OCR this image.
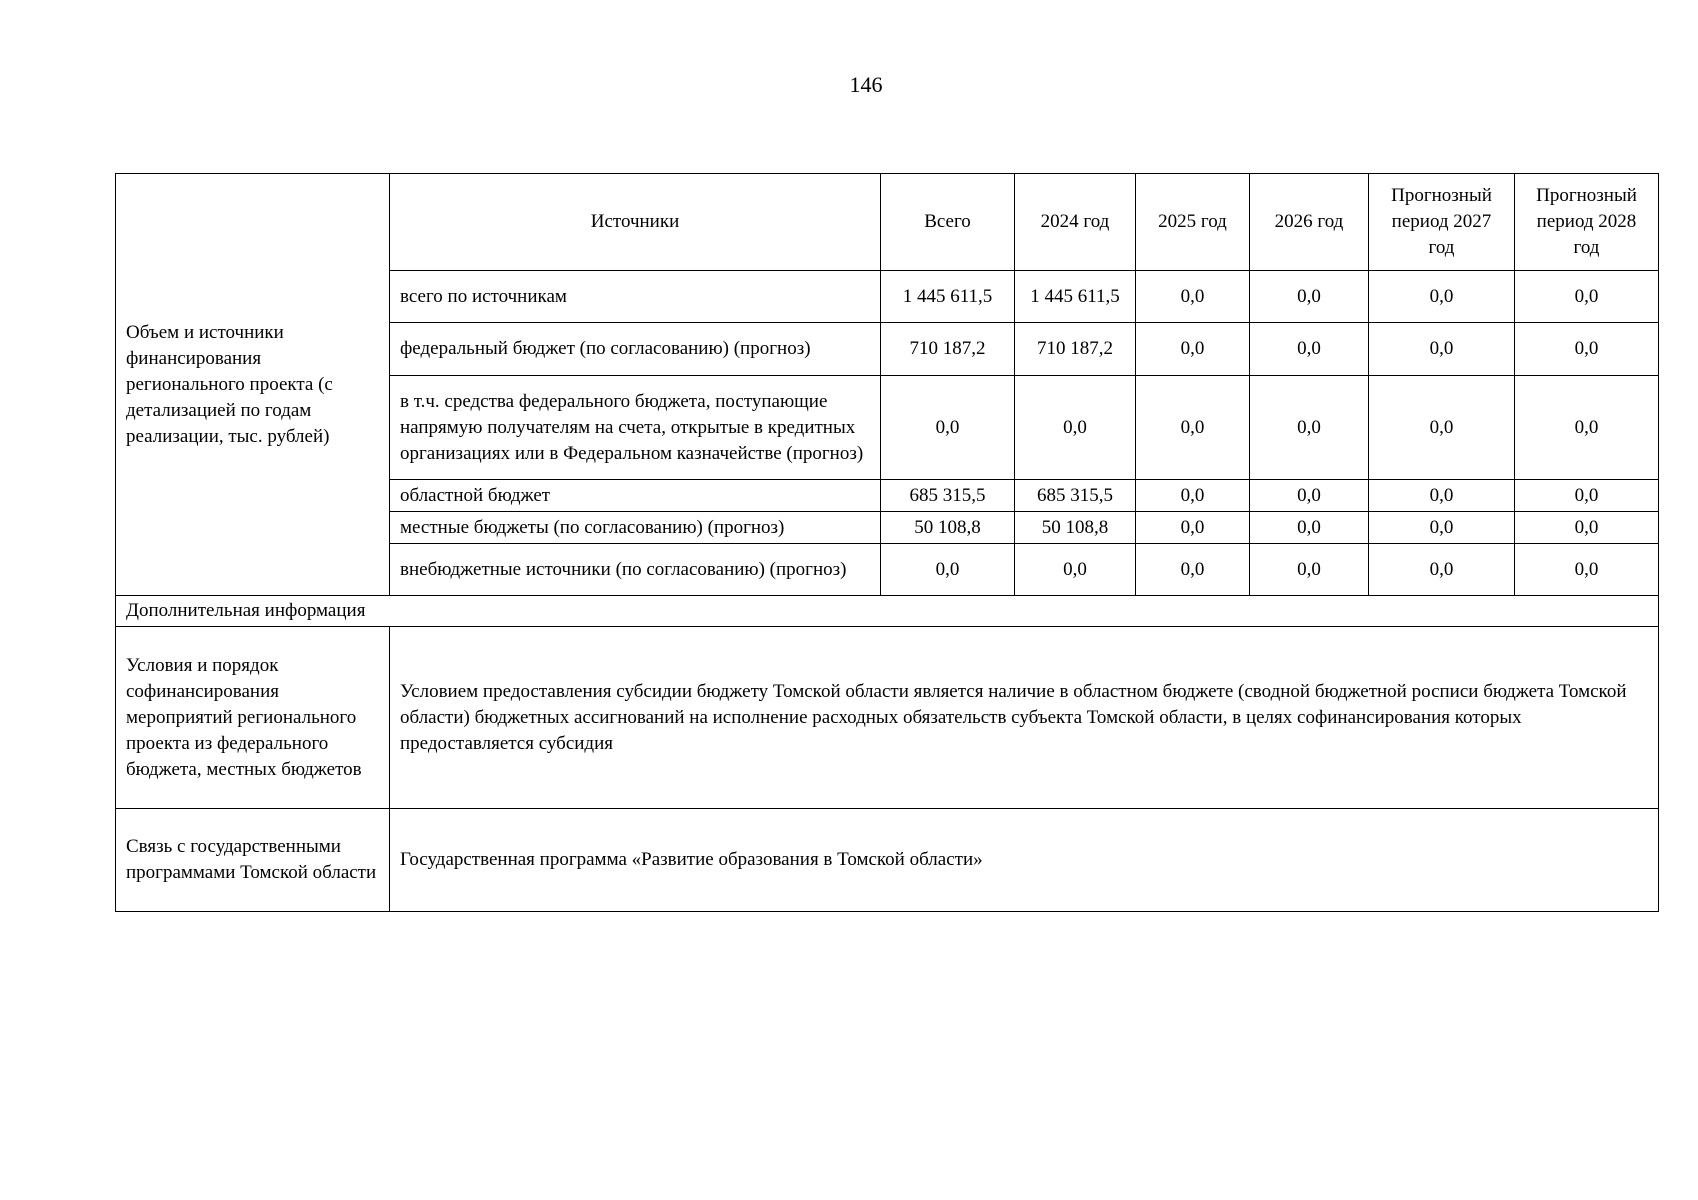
146
Объем и источники финансирования регионального проекта (с детализацией по годам реализации, тыс. рублей)	Источники	Всего	2024 год	2025 год	2026 год	Прогнозный период 2027 год	Прогнозный период 2028 год
	всего по источникам	1 445 611,5	1 445 611,5	0,0	0,0	0,0	0,0
	федеральный бюджет (по согласованию) (прогноз)	710 187,2	710 187,2	0,0	0,0	0,0	0,0
	в т.ч. средства федерального бюджета, поступающие напрямую получателям на счета, открытые в кредитных организациях или в Федеральном казначействе (прогноз)	0,0	0,0	0,0	0,0	0,0	0,0
	областной бюджет	685 315,5	685 315,5	0,0	0,0	0,0	0,0
	местные бюджеты (по согласованию) (прогноз)	50 108,8	50 108,8	0,0	0,0	0,0	0,0
	внебюджетные источники (по согласованию) (прогноз)	0,0	0,0	0,0	0,0	0,0	0,0
Дополнительная информация							
Условия и порядок софинансирования мероприятий регионального проекта из федерального бюджета, местных бюджетов	Условием предоставления субсидии бюджету Томской области является наличие в областном бюджете (сводной бюджетной росписи бюджета Томской области) бюджетных ассигнований на исполнение расходных обязательств субъекта Томской области, в целях софинансирования которых предоставляется субсидия						
Связь с государственными программами Томской области	Государственная программа «Развитие образования в Томской области»						
